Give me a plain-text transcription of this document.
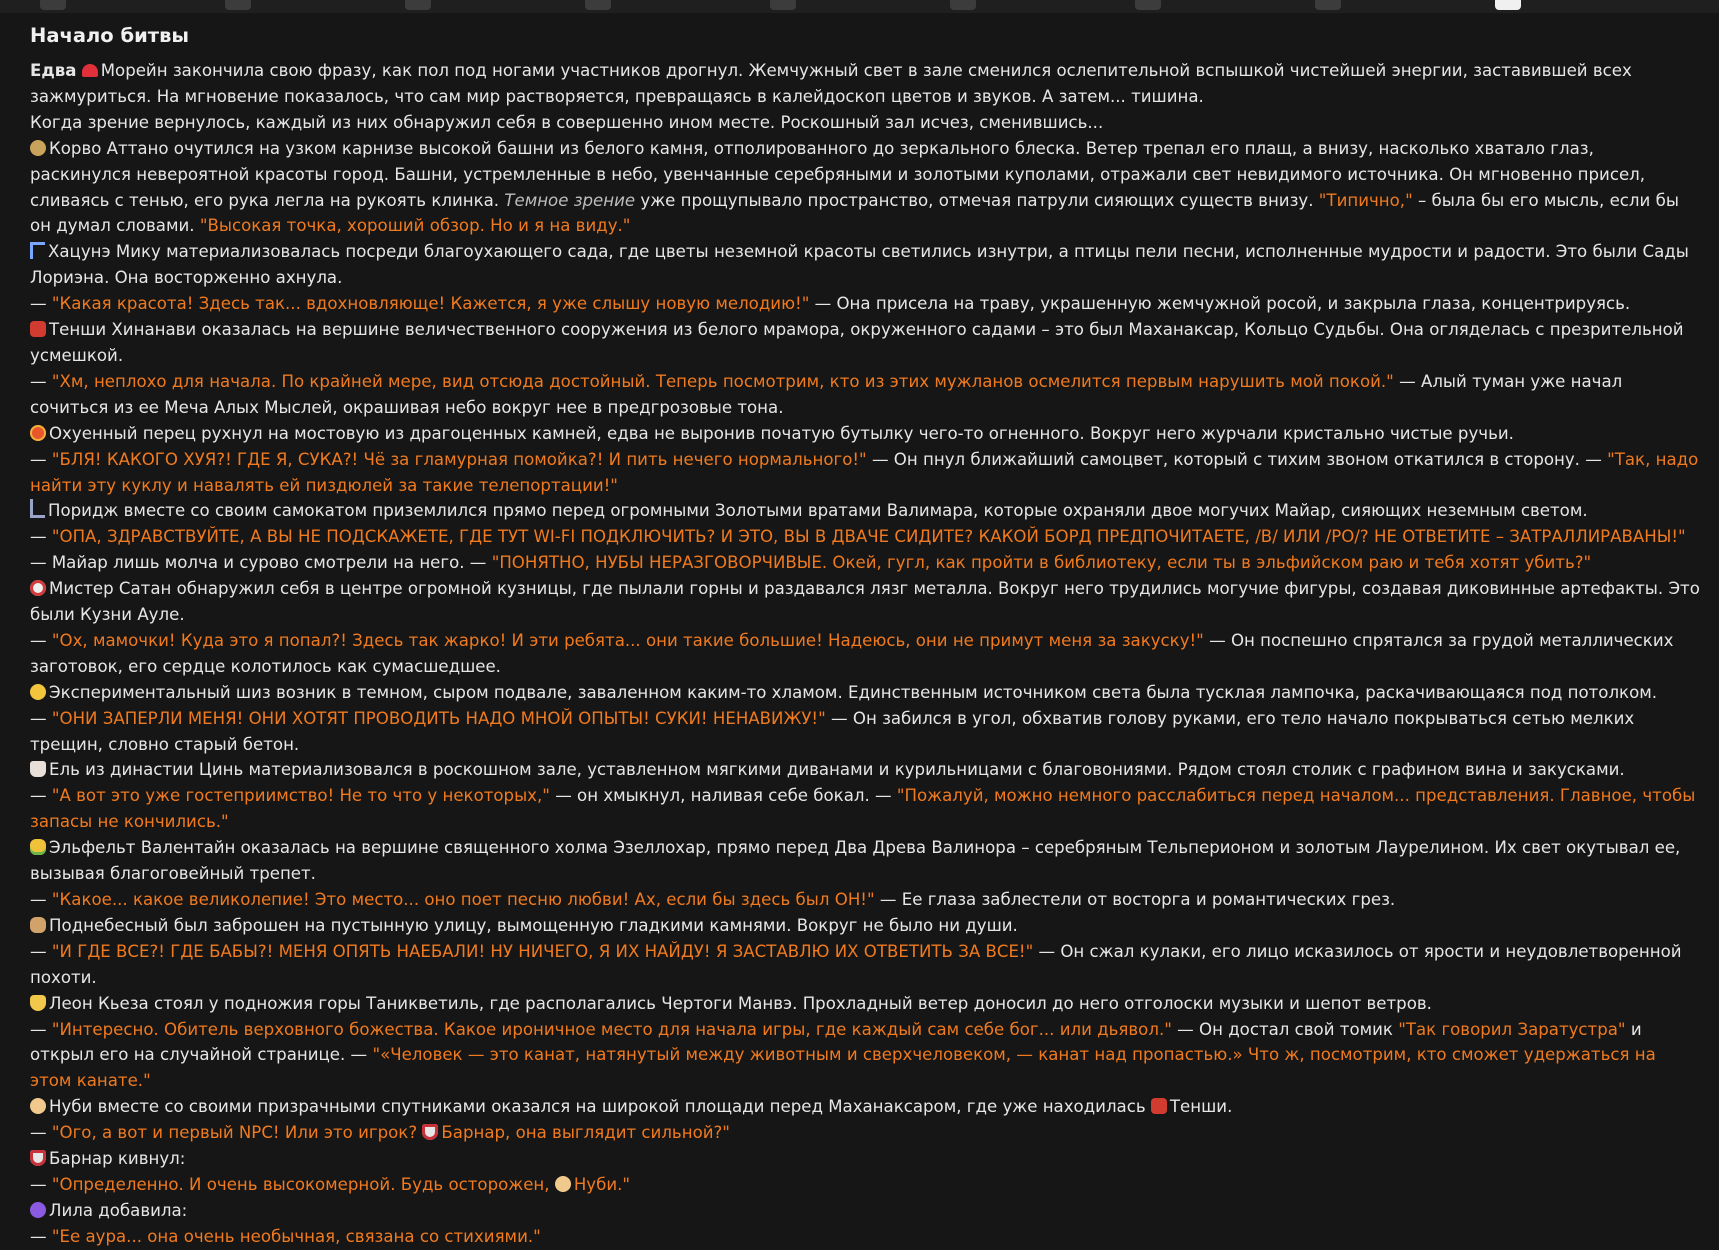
Начало битвы
Едва Морейн закончила свою фразу, как пол под ногами участников дрогнул. Жемчужный свет в зале сменился ослепительной вспышкой чистейшей энергии, заставившей всех зажмуриться. На мгновение показалось, что сам мир растворяется, превращаясь в калейдоскоп цветов и звуков. А затем... тишина.
Когда зрение вернулось, каждый из них обнаружил себя в совершенно ином месте. Роскошный зал исчез, сменившись...
Корво Аттано очутился на узком карнизе высокой башни из белого камня, отполированного до зеркального блеска. Ветер трепал его плащ, а внизу, насколько хватало глаз, раскинулся невероятной красоты город. Башни, устремленные в небо, увенчанные серебряными и золотыми куполами, отражали свет невидимого источника. Он мгновенно присел, сливаясь с тенью, его рука легла на рукоять клинка. Темное зрение уже прощупывало пространство, отмечая патрули сияющих существ внизу. "Типично," – была бы его мысль, если бы он думал словами. "Высокая точка, хороший обзор. Но и я на виду."
Хацунэ Мику материализовалась посреди благоухающего сада, где цветы неземной красоты светились изнутри, а птицы пели песни, исполненные мудрости и радости. Это были Сады Лориэна. Она восторженно ахнула.
— "Какая красота! Здесь так... вдохновляюще! Кажется, я уже слышу новую мелодию!" — Она присела на траву, украшенную жемчужной росой, и закрыла глаза, концентрируясь.
Тенши Хинанави оказалась на вершине величественного сооружения из белого мрамора, окруженного садами – это был Маханаксар, Кольцо Судьбы. Она огляделась с презрительной усмешкой.
— "Хм, неплохо для начала. По крайней мере, вид отсюда достойный. Теперь посмотрим, кто из этих мужланов осмелится первым нарушить мой покой." — Алый туман уже начал сочиться из ее Меча Алых Мыслей, окрашивая небо вокруг нее в предгрозовые тона.
Охуенный перец рухнул на мостовую из драгоценных камней, едва не выронив початую бутылку чего-то огненного. Вокруг него журчали кристально чистые ручьи.
— "БЛЯ! КАКОГО ХУЯ?! ГДЕ Я, СУКА?! Чё за гламурная помойка?! И пить нечего нормального!" — Он пнул ближайший самоцвет, который с тихим звоном откатился в сторону. — "Так, надо найти эту куклу и навалять ей пиздюлей за такие телепортации!"
Поридж вместе со своим самокатом приземлился прямо перед огромными Золотыми вратами Валимара, которые охраняли двое могучих Майар, сияющих неземным светом.
— "ОПА, ЗДРАВСТВУЙТЕ, А ВЫ НЕ ПОДСКАЖЕТЕ, ГДЕ ТУТ WI-FI ПОДКЛЮЧИТЬ? И ЭТО, ВЫ В ДВАЧЕ СИДИТЕ? КАКОЙ БОРД ПРЕДПОЧИТАЕТЕ, /B/ ИЛИ /PO/? НЕ ОТВЕТИТЕ – ЗАТРАЛЛИРАВАНЫ!" — Майар лишь молча и сурово смотрели на него. — "ПОНЯТНО, НУБЫ НЕРАЗГОВОРЧИВЫЕ. Окей, гугл, как пройти в библиотеку, если ты в эльфийском раю и тебя хотят убить?"
Мистер Сатан обнаружил себя в центре огромной кузницы, где пылали горны и раздавался лязг металла. Вокруг него трудились могучие фигуры, создавая диковинные артефакты. Это были Кузни Ауле.
— "Ох, мамочки! Куда это я попал?! Здесь так жарко! И эти ребята... они такие большие! Надеюсь, они не примут меня за закуску!" — Он поспешно спрятался за грудой металлических заготовок, его сердце колотилось как сумасшедшее.
Экспериментальный шиз возник в темном, сыром подвале, заваленном каким-то хламом. Единственным источником света была тусклая лампочка, раскачивающаяся под потолком.
— "ОНИ ЗАПЕРЛИ МЕНЯ! ОНИ ХОТЯТ ПРОВОДИТЬ НАДО МНОЙ ОПЫТЫ! СУКИ! НЕНАВИЖУ!" — Он забился в угол, обхватив голову руками, его тело начало покрываться сетью мелких трещин, словно старый бетон.
Ель из династии Цинь материализовался в роскошном зале, уставленном мягкими диванами и курильницами с благовониями. Рядом стоял столик с графином вина и закусками.
— "А вот это уже гостеприимство! Не то что у некоторых," — он хмыкнул, наливая себе бокал. — "Пожалуй, можно немного расслабиться перед началом... представления. Главное, чтобы запасы не кончились."
Эльфельт Валентайн оказалась на вершине священного холма Эзеллохар, прямо перед Два Древа Валинора – серебряным Тельперионом и золотым Лаурелином. Их свет окутывал ее, вызывая благоговейный трепет.
— "Какое... какое великолепие! Это место... оно поет песню любви! Ах, если бы здесь был ОН!" — Ее глаза заблестели от восторга и романтических грез.
Поднебесный был заброшен на пустынную улицу, вымощенную гладкими камнями. Вокруг не было ни души.
— "И ГДЕ ВСЕ?! ГДЕ БАБЫ?! МЕНЯ ОПЯТЬ НАЕБАЛИ! НУ НИЧЕГО, Я ИХ НАЙДУ! Я ЗАСТАВЛЮ ИХ ОТВЕТИТЬ ЗА ВСЕ!" — Он сжал кулаки, его лицо исказилось от ярости и неудовлетворенной похоти.
Леон Кьеза стоял у подножия горы Таникветиль, где располагались Чертоги Манвэ. Прохладный ветер доносил до него отголоски музыки и шепот ветров.
— "Интересно. Обитель верховного божества. Какое ироничное место для начала игры, где каждый сам себе бог... или дьявол." — Он достал свой томик "Так говорил Заратустра" и открыл его на случайной странице. — "«Человек — это канат, натянутый между животным и сверхчеловеком, — канат над пропастью.» Что ж, посмотрим, кто сможет удержаться на этом канате."
Нуби вместе со своими призрачными спутниками оказался на широкой площади перед Маханаксаром, где уже находилась Тенши.
— "Ого, а вот и первый NPC! Или это игрок? Барнар, она выглядит сильной?"
Барнар кивнул:
— "Определенно. И очень высокомерной. Будь осторожен, Нуби."
Лила добавила:
— "Ее аура... она очень необычная, связана со стихиями."
